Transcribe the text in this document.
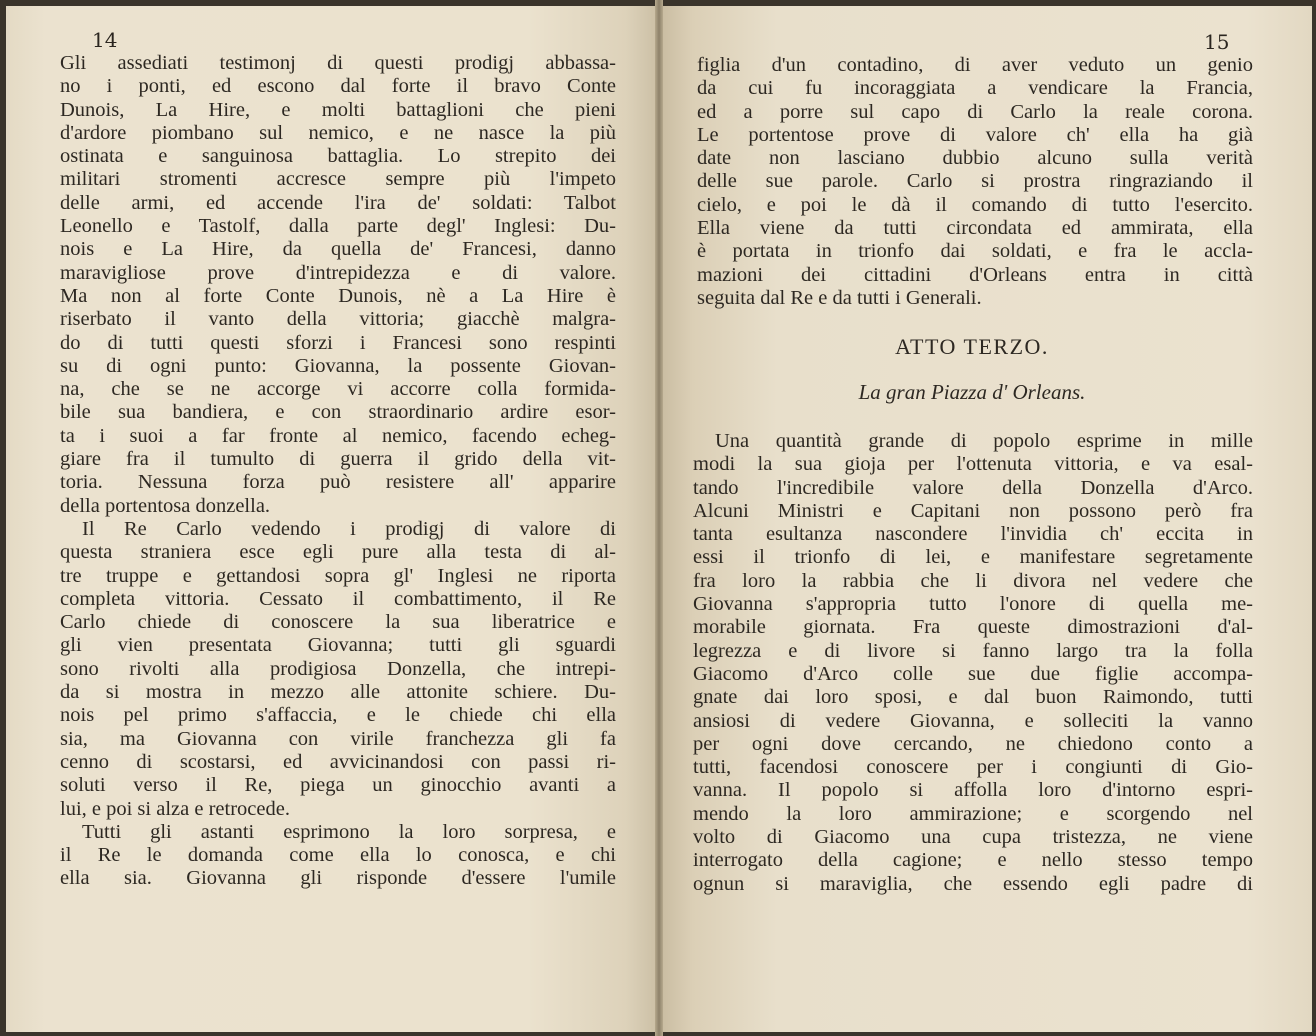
14	15
Gli assediati testimonj di questi prodigj abbassa-
no i ponti, ed escono dal forte il bravo Conte
Dunois, La Hire, e molti battaglioni che pieni
d'ardore piombano sul nemico, e ne nasce la più
ostinata e sanguinosa battaglia. Lo strepito dei
militari stromenti accresce sempre più l'impeto
delle armi, ed accende l'ira de' soldati: Talbot
Leonello e Tastolf, dalla parte degl' Inglesi: Du-
nois e La Hire, da quella de' Francesi, danno
maravigliose prove d'intrepidezza e di valore.
Ma non al forte Conte Dunois, nè a La Hire è
riserbato il vanto della vittoria; giacchè malgra-
do di tutti questi sforzi i Francesi sono respinti
su di ogni punto: Giovanna, la possente Giovan-
na, che se ne accorge vi accorre colla formida-
bile sua bandiera, e con straordinario ardire esor-
ta i suoi a far fronte al nemico, facendo echeg-
giare fra il tumulto di guerra il grido della vit-
toria. Nessuna forza può resistere all' apparire
della portentosa donzella.
Il Re Carlo vedendo i prodigj di valore di
questa straniera esce egli pure alla testa di al-
tre truppe e gettandosi sopra gl' Inglesi ne riporta
completa vittoria. Cessato il combattimento, il Re
Carlo chiede di conoscere la sua liberatrice e
gli vien presentata Giovanna; tutti gli sguardi
sono rivolti alla prodigiosa Donzella, che intrepi-
da si mostra in mezzo alle attonite schiere. Du-
nois pel primo s'affaccia, e le chiede chi ella
sia, ma Giovanna con virile franchezza gli fa
cenno di scostarsi, ed avvicinandosi con passi ri-
soluti verso il Re, piega un ginocchio avanti a
lui, e poi si alza e retrocede.
Tutti gli astanti esprimono la loro sorpresa, e
il Re le domanda come ella lo conosca, e chi
ella sia. Giovanna gli risponde d'essere l'umile
figlia d'un contadino, di aver veduto un genio
da cui fu incoraggiata a vendicare la Francia,
ed a porre sul capo di Carlo la reale corona.
Le portentose prove di valore ch' ella ha già
date non lasciano dubbio alcuno sulla verità
delle sue parole. Carlo si prostra ringraziando il
cielo, e poi le dà il comando di tutto l'esercito.
Ella viene da tutti circondata ed ammirata, ella
è portata in trionfo dai soldati, e fra le accla-
mazioni dei cittadini d'Orleans entra in città
seguita dal Re e da tutti i Generali.
ATTO TERZO.
La gran Piazza d' Orleans.
Una quantità grande di popolo esprime in mille
modi la sua gioja per l'ottenuta vittoria, e va esal-
tando l'incredibile valore della Donzella d'Arco.
Alcuni Ministri e Capitani non possono però fra
tanta esultanza nascondere l'invidia ch' eccita in
essi il trionfo di lei, e manifestare segretamente
fra loro la rabbia che li divora nel vedere che
Giovanna s'appropria tutto l'onore di quella me-
morabile giornata. Fra queste dimostrazioni d'al-
legrezza e di livore si fanno largo tra la folla
Giacomo d'Arco colle sue due figlie accompa-
gnate dai loro sposi, e dal buon Raimondo, tutti
ansiosi di vedere Giovanna, e solleciti la vanno
per ogni dove cercando, ne chiedono conto a
tutti, facendosi conoscere per i congiunti di Gio-
vanna. Il popolo si affolla loro d'intorno espri-
mendo la loro ammirazione; e scorgendo nel
volto di Giacomo una cupa tristezza, ne viene
interrogato della cagione; e nello stesso tempo
ognun si maraviglia, che essendo egli padre di
